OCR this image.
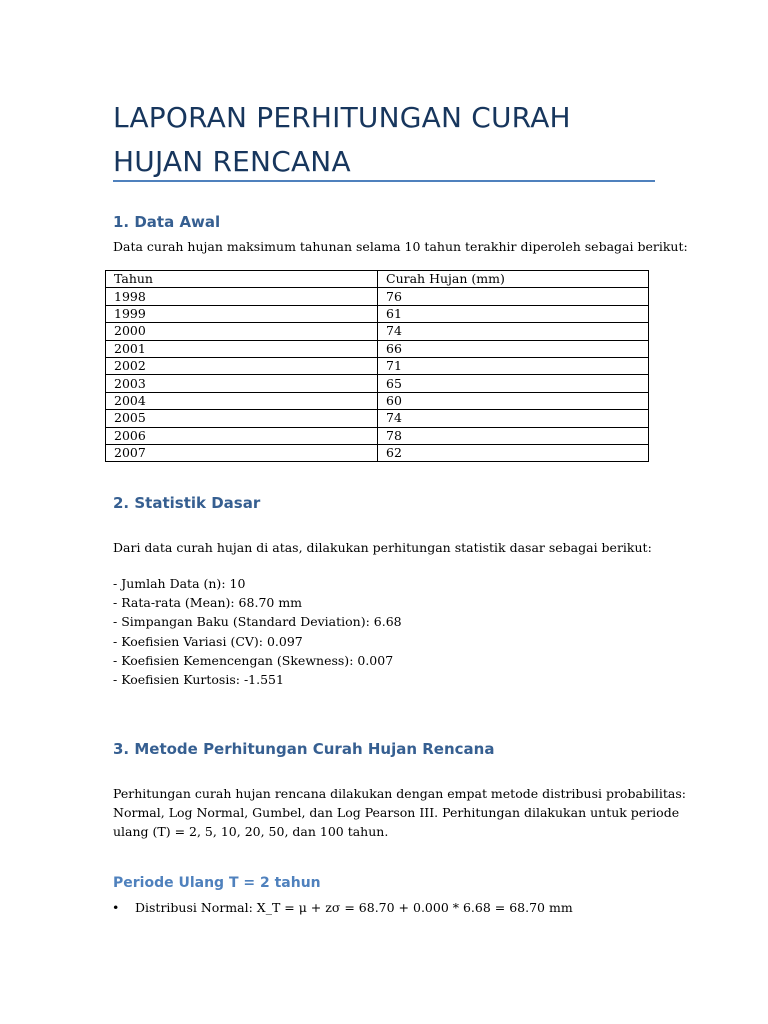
LAPORAN PERHITUNGAN CURAH
HUJAN RENCANA
1. Data Awal
Data curah hujan maksimum tahunan selama 10 tahun terakhir diperoleh sebagai berikut:
Tahun	Curah Hujan (mm)
1998	76
1999	61
2000	74
2001	66
2002	71
2003	65
2004	60
2005	74
2006	78
2007	62
2. Statistik Dasar
Dari data curah hujan di atas, dilakukan perhitungan statistik dasar sebagai berikut:
- Jumlah Data (n): 10
- Rata-rata (Mean): 68.70 mm
- Simpangan Baku (Standard Deviation): 6.68
- Koefisien Variasi (CV): 0.097
- Koefisien Kemencengan (Skewness): 0.007
- Koefisien Kurtosis: -1.551
3. Metode Perhitungan Curah Hujan Rencana
Perhitungan curah hujan rencana dilakukan dengan empat metode distribusi probabilitas:
Normal, Log Normal, Gumbel, dan Log Pearson III. Perhitungan dilakukan untuk periode
ulang (T) = 2, 5, 10, 20, 50, dan 100 tahun.
Periode Ulang T = 2 tahun
• Distribusi Normal: X_T = μ + zσ = 68.70 + 0.000 * 6.68 = 68.70 mm
